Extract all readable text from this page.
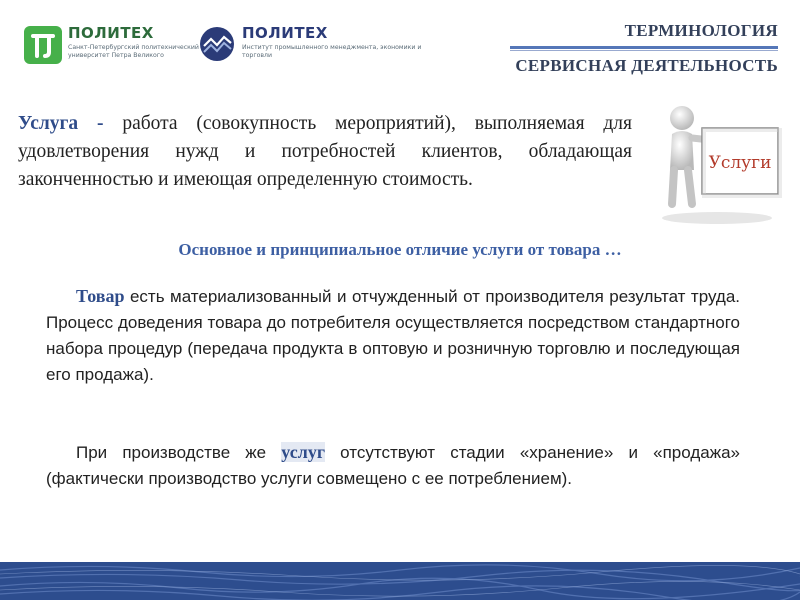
ПОЛИТЕХ
Санкт-Петербургский политехнический университет Петра Великого
ПОЛИТЕХ
Институт промышленного менеджмента, экономики и торговли
ТЕРМИНОЛОГИЯ
СЕРВИСНАЯ ДЕЯТЕЛЬНОСТЬ
Услуга - работа (совокупность мероприятий), выполняемая для удовлетворения нужд и потребностей клиентов, обладающая законченностью и имеющая определенную стоимость.
Услуги
Основное и принципиальное отличие услуги от товара …
Товар есть материализованный и отчужденный от производителя результат труда. Процесс доведения товара до потребителя осуществляется посредством стандартного набора процедур (передача продукта в оптовую и розничную торговлю и последующая его продажа).
При производстве же услуг отсутствуют стадии «хранение» и «продажа» (фактически производство услуги совмещено с ее потреблением).
